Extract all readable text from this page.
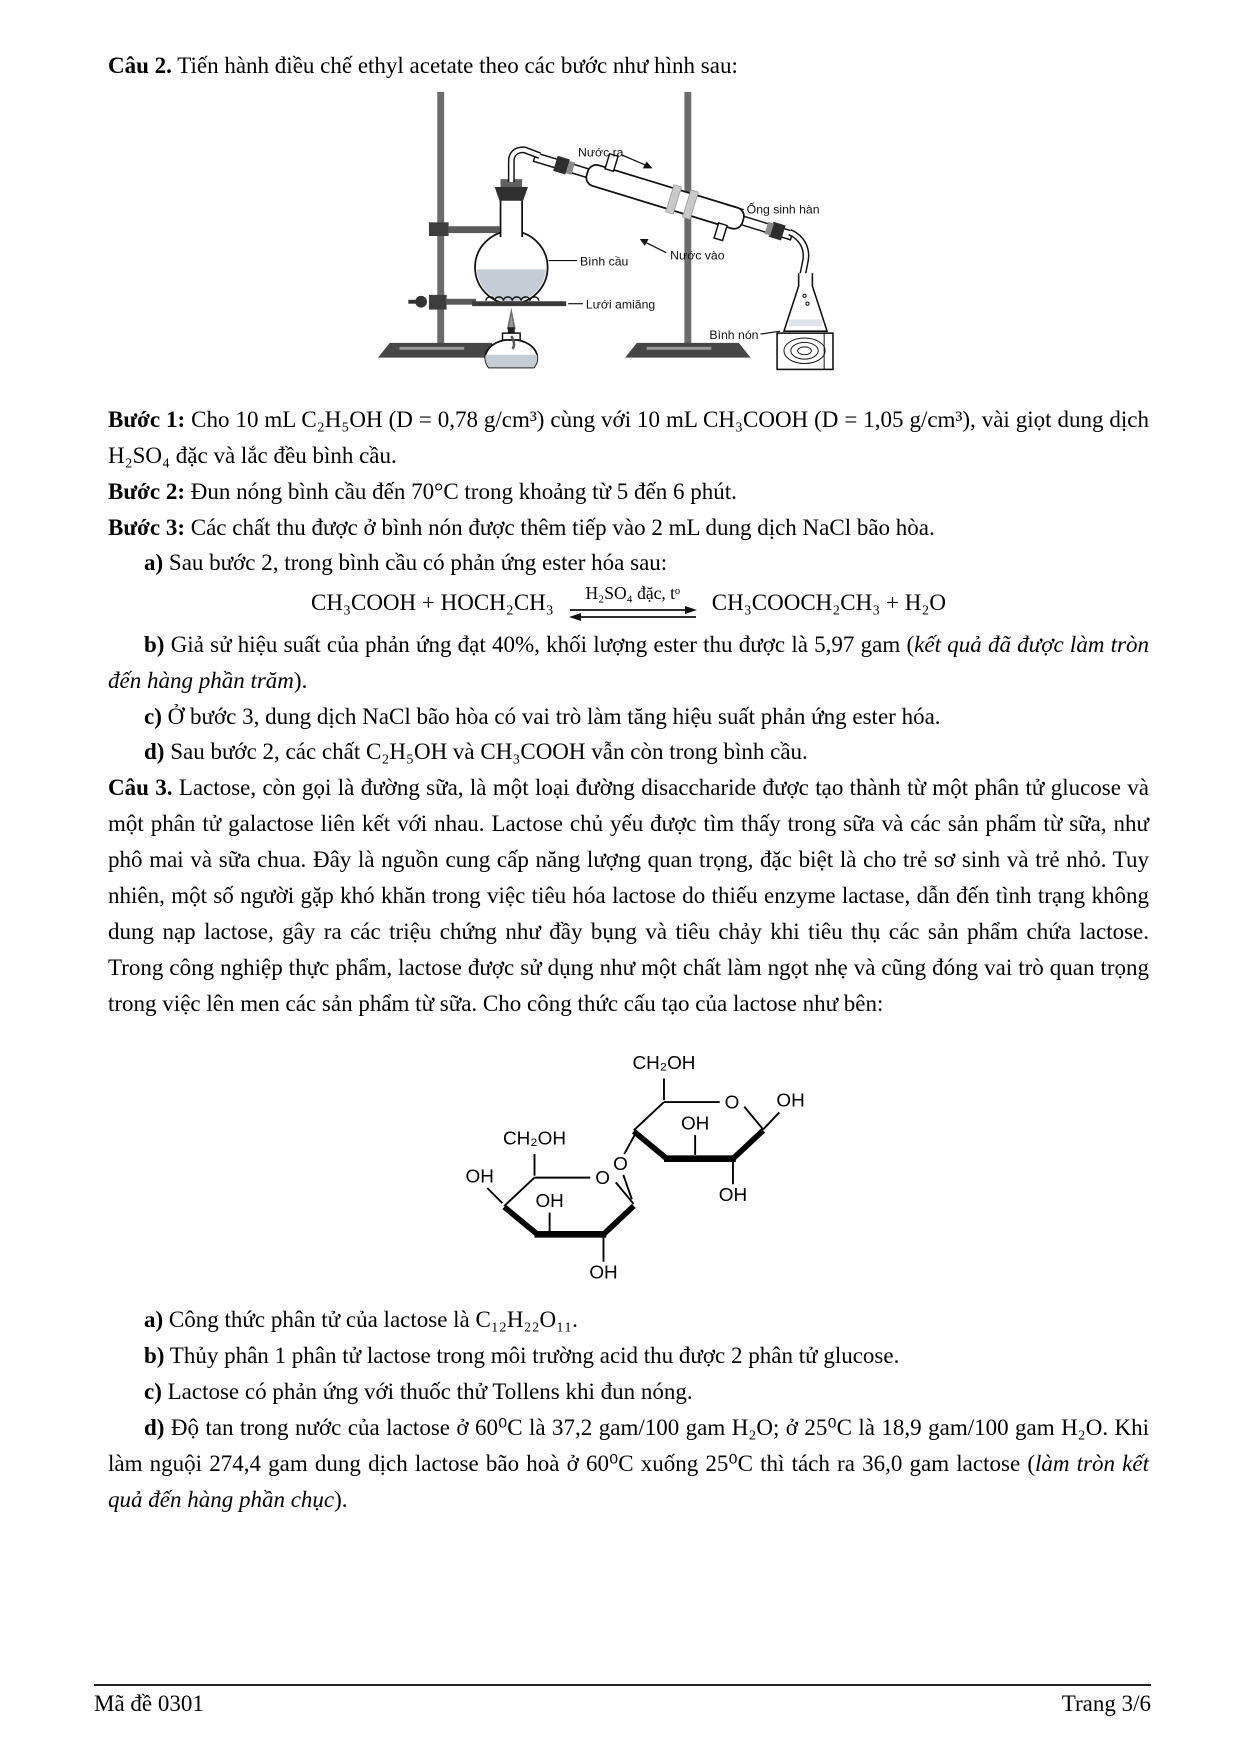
Câu 2. Tiến hành điều chế ethyl acetate theo các bước như hình sau:

Nước ra
Ống sinh hàn
Nước vào
Bình cầu
Lưới amiăng
Bình nón

Bước 1: Cho 10 mL C₂H₅OH (D = 0,78 g/cm³) cùng với 10 mL CH₃COOH (D = 1,05 g/cm³), vài giọt dung dịch H₂SO₄ đặc và lắc đều bình cầu.

Bước 2: Đun nóng bình cầu đến 70°C trong khoảng từ 5 đến 6 phút.

Bước 3: Các chất thu được ở bình nón được thêm tiếp vào 2 mL dung dịch NaCl bão hòa.

a) Sau bước 2, trong bình cầu có phản ứng ester hóa sau:

CH₃COOH + HOCH₂CH₃ H₂SO₄ đặc, tᵒ CH₃COOCH₂CH₃ + H₂O

b) Giả sử hiệu suất của phản ứng đạt 40%, khối lượng ester thu được là 5,97 gam (kết quả đã được làm tròn đến hàng phần trăm).

c) Ở bước 3, dung dịch NaCl bão hòa có vai trò làm tăng hiệu suất phản ứng ester hóa.

d) Sau bước 2, các chất C₂H₅OH và CH₃COOH vẫn còn trong bình cầu.

Câu 3. Lactose, còn gọi là đường sữa, là một loại đường disaccharide được tạo thành từ một phân tử glucose và một phân tử galactose liên kết với nhau. Lactose chủ yếu được tìm thấy trong sữa và các sản phẩm từ sữa, như phô mai và sữa chua. Đây là nguồn cung cấp năng lượng quan trọng, đặc biệt là cho trẻ sơ sinh và trẻ nhỏ. Tuy nhiên, một số người gặp khó khăn trong việc tiêu hóa lactose do thiếu enzyme lactase, dẫn đến tình trạng không dung nạp lactose, gây ra các triệu chứng như đầy bụng và tiêu chảy khi tiêu thụ các sản phẩm chứa lactose. Trong công nghiệp thực phẩm, lactose được sử dụng như một chất làm ngọt nhẹ và cũng đóng vai trò quan trọng trong việc lên men các sản phẩm từ sữa. Cho công thức cấu tạo của lactose như bên:

CH₂OH
O OH
OH
OH
O
CH₂OH
O
OH
OH
OH

a) Công thức phân tử của lactose là C₁₂H₂₂O₁₁.

b) Thủy phân 1 phân tử lactose trong môi trường acid thu được 2 phân tử glucose.

c) Lactose có phản ứng với thuốc thử Tollens khi đun nóng.

d) Độ tan trong nước của lactose ở 60⁰C là 37,2 gam/100 gam H₂O; ở 25⁰C là 18,9 gam/100 gam H₂O. Khi làm nguội 274,4 gam dung dịch lactose bão hoà ở 60⁰C xuống 25⁰C thì tách ra 36,0 gam lactose (làm tròn kết quả đến hàng phần chục).

Mã đề 0301	Trang 3/6
